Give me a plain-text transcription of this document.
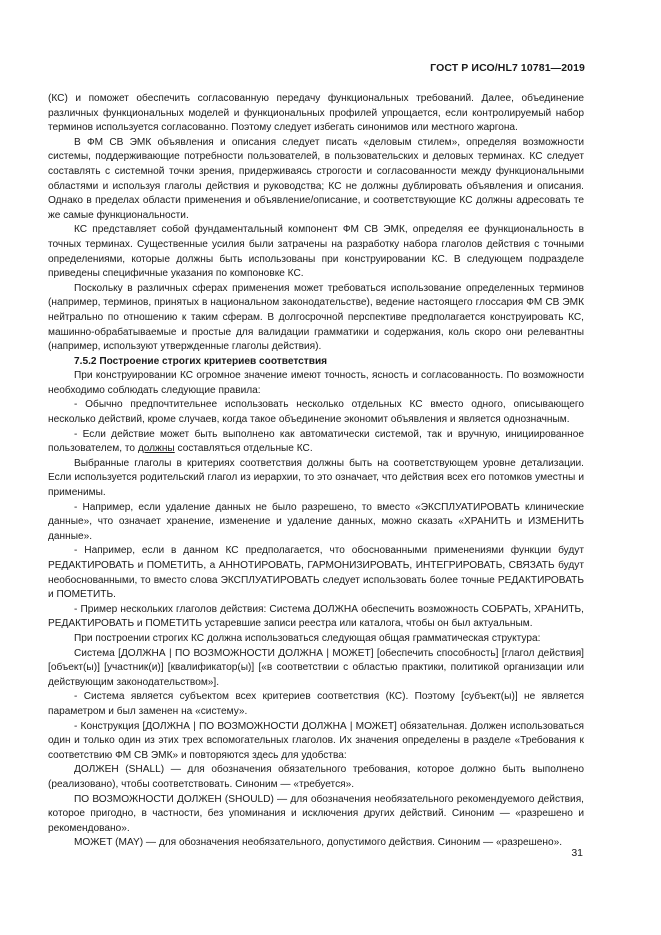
ГОСТ Р ИСО/HL7 10781—2019

(КС) и поможет обеспечить согласованную передачу функциональных требований. Далее, объединение различных функциональных моделей и функциональных профилей упрощается, если контролируемый набор терминов используется согласованно. Поэтому следует избегать синонимов или местного жаргона.

В ФМ СВ ЭМК объявления и описания следует писать «деловым стилем», определяя возможности системы, поддерживающие потребности пользователей, в пользовательских и деловых терминах. КС следует составлять с системной точки зрения, придерживаясь строгости и согласованности между функциональными областями и используя глаголы действия и руководства; КС не должны дублировать объявления и описания. Однако в пределах области применения и объявление/описание, и соответствующие КС должны адресовать те же самые функциональности.

КС представляет собой фундаментальный компонент ФМ СВ ЭМК, определяя ее функциональность в точных терминах. Существенные усилия были затрачены на разработку набора глаголов действия с точными определениями, которые должны быть использованы при конструировании КС. В следующем подразделе приведены специфичные указания по компоновке КС.

Поскольку в различных сферах применения может требоваться использование определенных терминов (например, терминов, принятых в национальном законодательстве), ведение настоящего глоссария ФМ СВ ЭМК нейтрально по отношению к таким сферам. В долгосрочной перспективе предполагается конструировать КС, машинно-обрабатываемые и простые для валидации грамматики и содержания, коль скоро они релевантны (например, используют утвержденные глаголы действия).

7.5.2 Построение строгих критериев соответствия

При конструировании КС огромное значение имеют точность, ясность и согласованность. По возможности необходимо соблюдать следующие правила:

- Обычно предпочтительнее использовать несколько отдельных КС вместо одного, описывающего несколько действий, кроме случаев, когда такое объединение экономит объявления и является однозначным.

- Если действие может быть выполнено как автоматически системой, так и вручную, инициированное пользователем, то должны составляться отдельные КС.

Выбранные глаголы в критериях соответствия должны быть на соответствующем уровне детализации. Если используется родительский глагол из иерархии, то это означает, что действия всех его потомков уместны и применимы.

- Например, если удаление данных не было разрешено, то вместо «ЭКСПЛУАТИРОВАТЬ клинические данные», что означает хранение, изменение и удаление данных, можно сказать «ХРАНИТЬ и ИЗМЕНИТЬ данные».

- Например, если в данном КС предполагается, что обоснованными применениями функции будут РЕДАКТИРОВАТЬ и ПОМЕТИТЬ, а АННОТИРОВАТЬ, ГАРМОНИЗИРОВАТЬ, ИНТЕГРИРОВАТЬ, СВЯЗАТЬ будут необоснованными, то вместо слова ЭКСПЛУАТИРОВАТЬ следует использовать более точные РЕДАКТИРОВАТЬ и ПОМЕТИТЬ.

- Пример нескольких глаголов действия: Система ДОЛЖНА обеспечить возможность СОБРАТЬ, ХРАНИТЬ, РЕДАКТИРОВАТЬ и ПОМЕТИТЬ устаревшие записи реестра или каталога, чтобы он был актуальным.

При построении строгих КС должна использоваться следующая общая грамматическая структура:

Система [ДОЛЖНА | ПО ВОЗМОЖНОСТИ ДОЛЖНА | МОЖЕТ] [обеспечить способность] [глагол действия] [объект(ы)] [участник(и)] [квалификатор(ы)] [«в соответствии с областью практики, политикой организации или действующим законодательством»].

- Система является субъектом всех критериев соответствия (КС). Поэтому [субъект(ы)] не является параметром и был заменен на «систему».

- Конструкция [ДОЛЖНА | ПО ВОЗМОЖНОСТИ ДОЛЖНА | МОЖЕТ] обязательная. Должен использоваться один и только один из этих трех вспомогательных глаголов. Их значения определены в разделе «Требования к соответствию ФМ СВ ЭМК» и повторяются здесь для удобства:

ДОЛЖЕН (SHALL) — для обозначения обязательного требования, которое должно быть выполнено (реализовано), чтобы соответствовать. Синоним — «требуется».

ПО ВОЗМОЖНОСТИ ДОЛЖЕН (SHOULD) — для обозначения необязательного рекомендуемого действия, которое пригодно, в частности, без упоминания и исключения других действий. Синоним — «разрешено и рекомендовано».

МОЖЕТ (MAY) — для обозначения необязательного, допустимого действия. Синоним — «разрешено».

31
